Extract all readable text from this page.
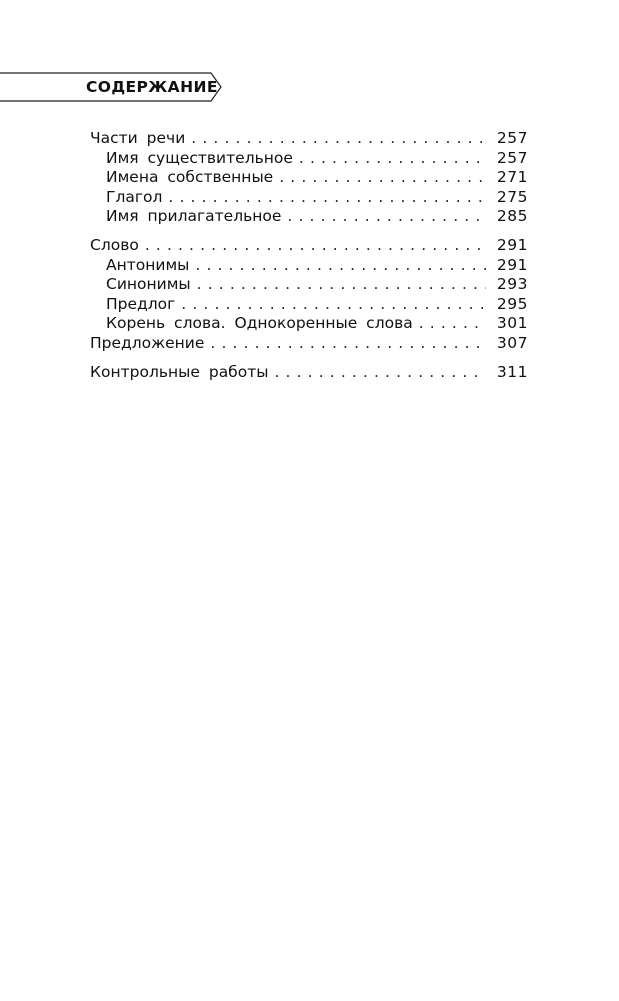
СОДЕРЖАНИЕ
Части речи . . .	257
Имя существительное . . .	257
Имена собственные . . .	271
Глагол . . .	275
Имя прилагательное . . .	285
Слово . . .	291
Антонимы . . .	291
Синонимы . . .	293
Предлог . . .	295
Корень слова. Однокоренные слова . . .	301
Предложение . . .	307
Контрольные работы . . .	311
